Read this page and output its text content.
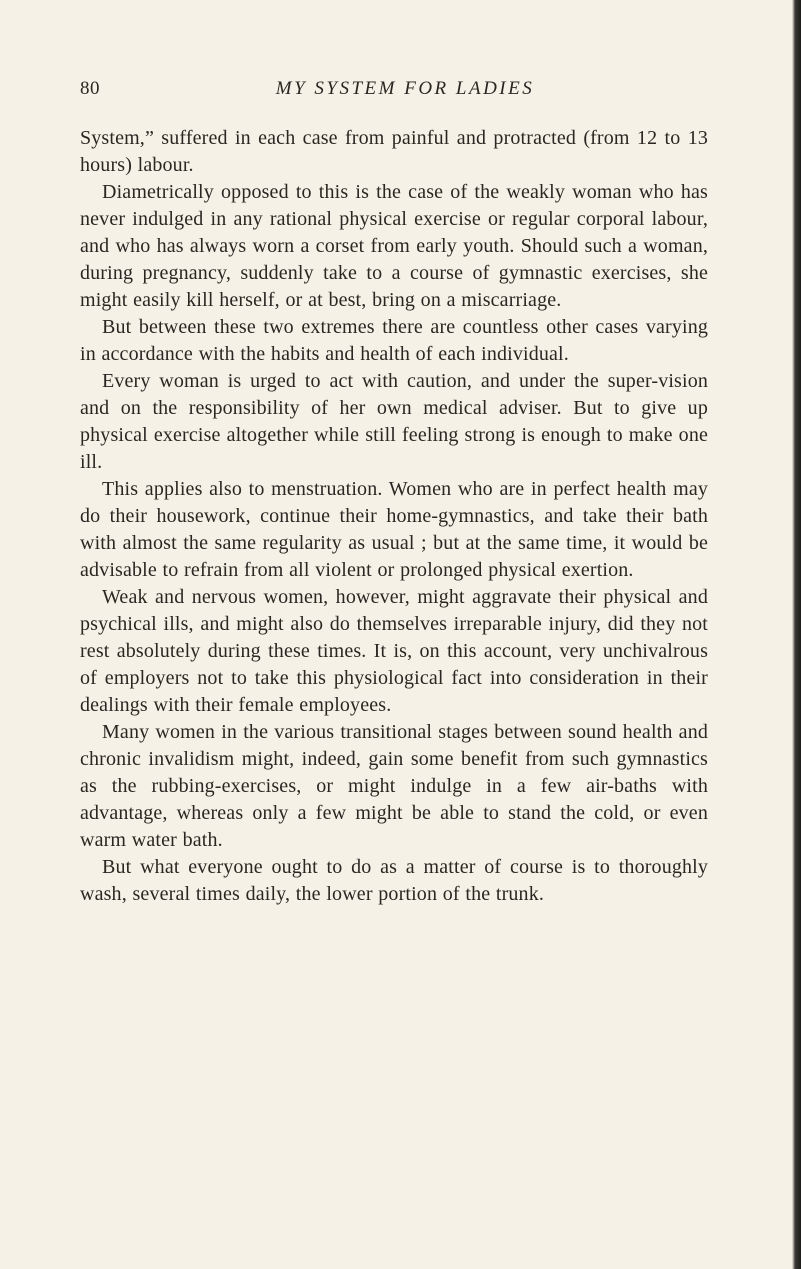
80	MY SYSTEM FOR LADIES

System,” suffered in each case from painful and protracted (from 12 to 13 hours) labour.

Diametrically opposed to this is the case of the weakly woman who has never indulged in any rational physical exercise or regular corporal labour, and who has always worn a corset from early youth. Should such a woman, during pregnancy, suddenly take to a course of gymnastic exercises, she might easily kill herself, or at best, bring on a miscarriage.

But between these two extremes there are countless other cases varying in accordance with the habits and health of each individual.

Every woman is urged to act with caution, and under the super-vision and on the responsibility of her own medical adviser. But to give up physical exercise altogether while still feeling strong is enough to make one ill.

This applies also to menstruation. Women who are in perfect health may do their housework, continue their home-gymnastics, and take their bath with almost the same regularity as usual ; but at the same time, it would be advisable to refrain from all violent or prolonged physical exertion.

Weak and nervous women, however, might aggravate their physical and psychical ills, and might also do themselves irreparable injury, did they not rest absolutely during these times. It is, on this account, very unchivalrous of employers not to take this physiological fact into consideration in their dealings with their female employees.

Many women in the various transitional stages between sound health and chronic invalidism might, indeed, gain some benefit from such gymnastics as the rubbing-exercises, or might indulge in a few air-baths with advantage, whereas only a few might be able to stand the cold, or even warm water bath.

But what everyone ought to do as a matter of course is to thoroughly wash, several times daily, the lower portion of the trunk.
